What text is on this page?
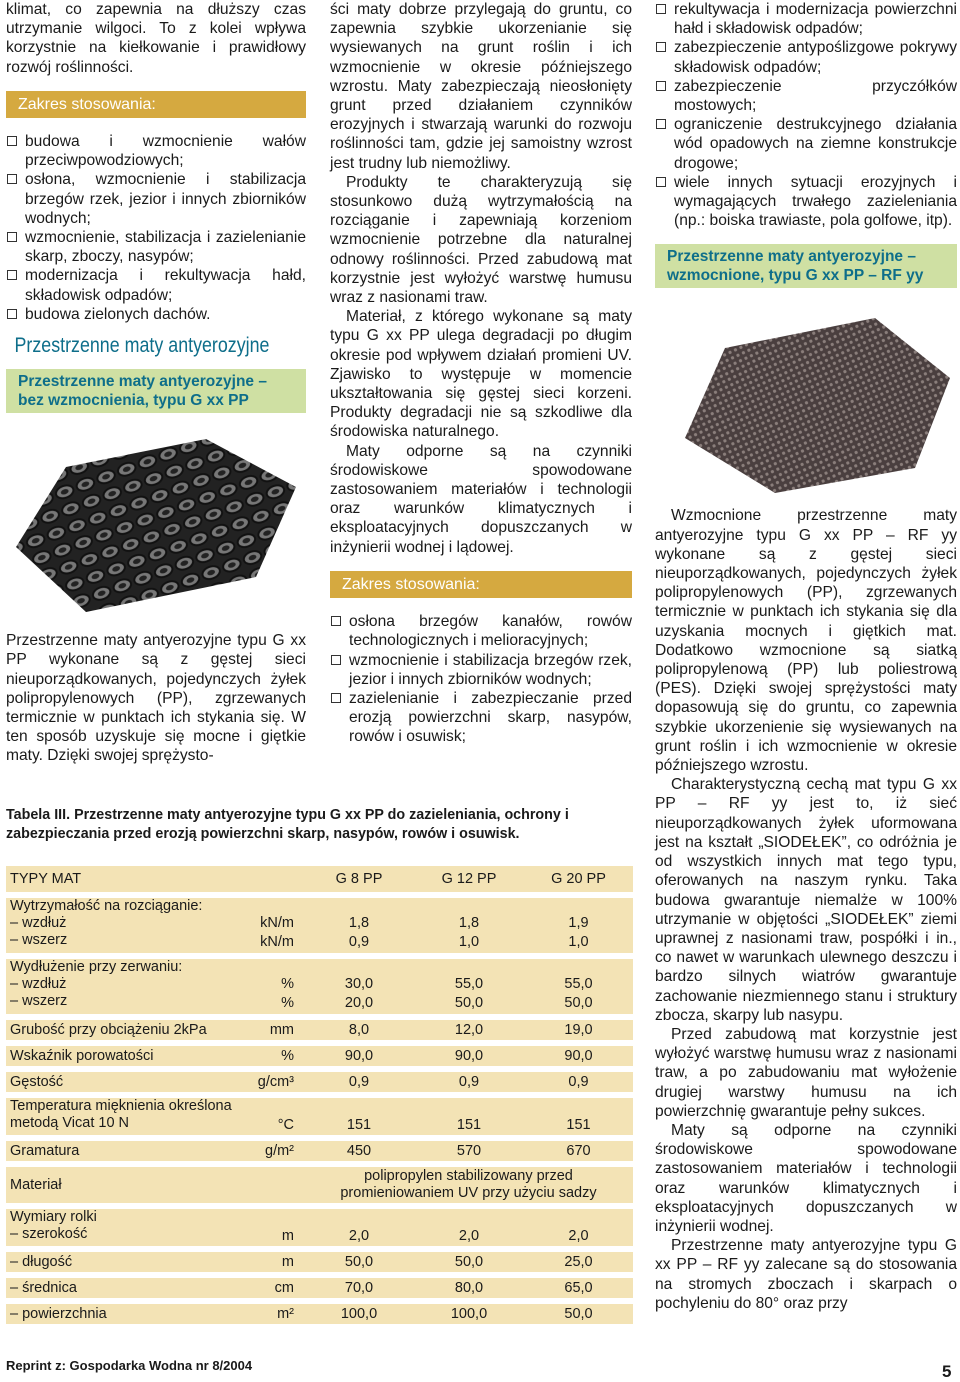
klimat, co zapewnia na dłuższy czas utrzymanie wilgoci. To z kolei wpływa korzystnie na kiełkowanie i prawidłowy rozwój roślinności.

Zakres stosowania:
budowa i wzmocnienie wałów przeciwpowodziowych;
osłona, wzmocnienie i stabilizacja brzegów rzek, jezior i innych zbiorników wodnych;
wzmocnienie, stabilizacja i zazielenianie skarp, zboczy, nasypów;
modernizacja i rekultywacja hałd, składowisk odpadów;
budowa zielonych dachów.
Przestrzenne maty antyerozyjne
Przestrzenne maty antyerozyjne – bez wzmocnienia, typu G xx PP

Przestrzenne maty antyerozyjne typu G xx PP wykonane są z gęstej sieci nieuporządkowanych, pojedynczych żyłek polipropylenowych (PP), zgrzewanych termicznie w punktach ich stykania się. W ten sposób uzyskuje się mocne i giętkie maty. Dzięki swojej sprężysto-

ści maty dobrze przylegają do gruntu, co zapewnia szybkie ukorzenianie się wysiewanych na grunt roślin i ich wzmocnienie w okresie późniejszego wzrostu. Maty zabezpieczają nieosłonięty grunt przed działaniem czynników erozyjnych i stwarzają warunki do rozwoju roślinności tam, gdzie jej samoistny wzrost jest trudny lub niemożliwy.

Produkty te charakteryzują się stosunkowo dużą wytrzymałością na rozciąganie i zapewniają korzeniom wzmocnienie potrzebne dla naturalnej odnowy roślinności. Przed zabudową mat korzystnie jest wyłożyć warstwę humusu wraz z nasionami traw.

Materiał, z którego wykonane są maty typu G xx PP ulega degradacji po długim okresie pod wpływem działań promieni UV. Zjawisko to występuje w momencie ukształtowania się gęstej sieci korzeni. Produkty degradacji nie są szkodliwe dla środowiska naturalnego.

Maty odporne są na czynniki środowiskowe spowodowane zastosowaniem materiałów i technologii oraz warunków klimatycznych i eksploatacyjnych dopuszczanych w inżynierii wodnej i lądowej.

Zakres stosowania:
osłona brzegów kanałów, rowów technologicznych i melioracyjnych;
wzmocnienie i stabilizacja brzegów rzek, jezior i innych zbiorników wodnych;
zazielenianie i zabezpieczanie przed erozją powierzchni skarp, nasypów, rowów i osuwisk;
rekultywacja i modernizacja powierzchni hałd i składowisk odpadów;
zabezpieczenie antypoślizgowe pokrywy składowisk odpadów;
zabezpieczenie przyczółków mostowych;
ograniczenie destrukcyjnego działania wód opadowych na ziemne konstrukcje drogowe;
wiele innych sytuacji erozyjnych i wymagających trwałego zazieleniania (np.: boiska trawiaste, pola golfowe, itp).
Przestrzenne maty antyerozyjne – wzmocnione, typu G xx PP – RF yy

Wzmocnione przestrzenne maty antyerozyjne typu G xx PP – RF yy wykonane są z gęstej sieci nieuporządkowanych, pojedynczych żyłek polipropylenowych (PP), zgrzewanych termicznie w punktach ich stykania się dla uzyskania mocnych i giętkich mat. Dodatkowo wzmocnione są siatką polipropylenową (PP) lub poliestrową (PES). Dzięki swojej sprężystości maty dopasowują się do gruntu, co zapewnia szybkie ukorzenienie się wysiewanych na grunt roślin i ich wzmocnienie w okresie późniejszego wzrostu.

Charakterystyczną cechą mat typu G xx PP – RF yy jest to, iż sieć nieuporządkowanych żyłek uformowana jest na kształt „SIODEŁEK”, co odróżnia je od wszystkich innych mat tego typu, oferowanych na naszym rynku. Taka budowa gwarantuje niemalże w 100% utrzymanie w objętości „SIODEŁEK” ziemi uprawnej z nasionami traw, pospółki i in., co nawet w warunkach ulewnego deszczu i bardzo silnych wiatrów gwarantuje zachowanie niezmiennego stanu i struktury zbocza, skarpy lub nasypu.

Przed zabudową mat korzystnie jest wyłożyć warstwę humusu wraz z nasionami traw, a po zabudowaniu mat wyłożenie drugiej warstwy humusu na ich powierzchnię gwarantuje pełny sukces.

Maty są odporne na czynniki środowiskowe spowodowane zastosowaniem materiałów i technologii oraz warunków klimatycznych i eksploatacyjnych dopuszczanych w inżynierii wodnej.

Przestrzenne maty antyerozyjne typu G xx PP – RF yy zalecane są do stosowania na stromych zboczach i skarpach o pochyleniu do 80° oraz przy

Tabela III. Przestrzenne maty antyerozyjne typu G xx PP do zazieleniania, ochrony i zabezpieczania przed erozją powierzchni skarp, nasypów, rowów i osuwisk.
TYPY MAT		G 8 PP	G 12 PP	G 20 PP

Wytrzymałość na rozciąganie:				
– wzdłuż	kN/m	1,8	1,8	1,9
– wszerz	kN/m	0,9	1,0	1,0

Wydłużenie przy zerwaniu:				
– wzdłuż	%	30,0	55,0	55,0
– wszerz	%	20,0	50,0	50,0

Grubość przy obciążeniu 2kPa	mm	8,0	12,0	19,0

Wskaźnik porowatości	%	90,0	90,0	90,0

Gęstość	g/cm³	0,9	0,9	0,9

Temperatura mięknienia określona				
metodą Vicat 10 N	°C	151	151	151

Gramatura	g/m²	450	570	670

Materiał		polipropylen stabilizowany przed
promieniowaniem UV przy użyciu sadzy		

Wymiary rolki				
– szerokość	m	2,0	2,0	2,0

– długość	m	50,0	50,0	25,0

– średnica	cm	70,0	80,0	65,0

– powierzchnia	m²	100,0	100,0	50,0
Reprint z: Gospodarka Wodna nr 8/2004	5
